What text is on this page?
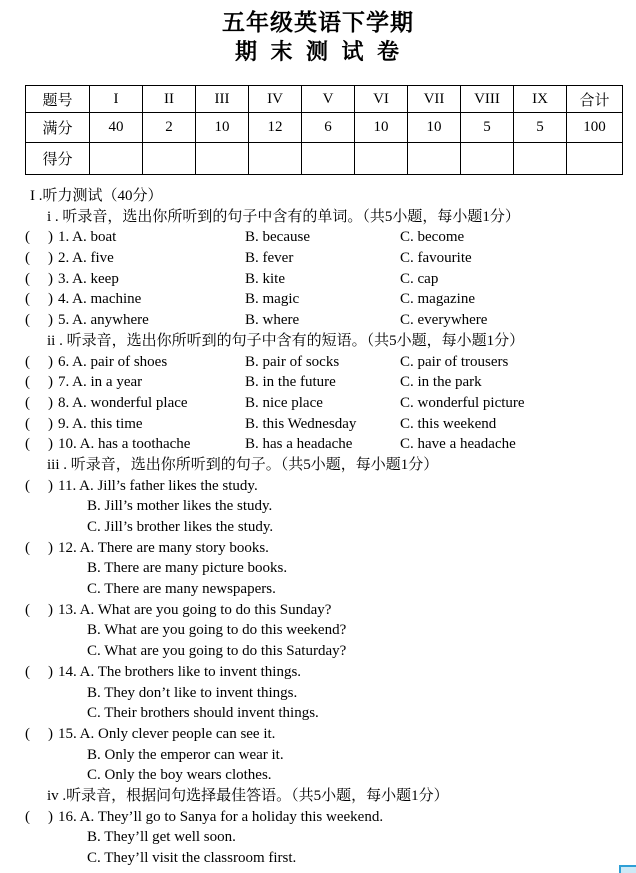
五年级英语下学期
期 末 测 试 卷
题号	I	II	III	IV	V	VI	VII	VIII	IX	合计
满分	40	2	10	12	6	10	10	5	5	100
得分										
I .听力测试（40分）
i . 听录音，选出你所听到的句子中含有的单词。（共5小题，每小题1分）
( ) 1. A. boat	B. because	C. become
( ) 2. A. five	B. fever	C. favourite
( ) 3. A. keep	B. kite	C. cap
( ) 4. A. machine	B. magic	C. magazine
( ) 5. A. anywhere	B. where	C. everywhere
ii . 听录音，选出你所听到的句子中含有的短语。（共5小题，每小题1分）
( ) 6. A. pair of shoes	B. pair of socks	C. pair of trousers
( ) 7. A. in a year	B. in the future	C. in the park
( ) 8. A. wonderful place	B. nice place	C. wonderful picture
( ) 9. A. this time	B. this Wednesday	C. this weekend
( ) 10. A. has a toothache	B. has a headache	C. have a headache
iii . 听录音，选出你所听到的句子。（共5小题，每小题1分）
( ) 11. A. Jill’s father likes the study.
B. Jill’s mother likes the study.
C. Jill’s brother likes the study.
( ) 12. A. There are many story books.
B. There are many picture books.
C. There are many newspapers.
( ) 13. A. What are you going to do this Sunday?
B. What are you going to do this weekend?
C. What are you going to do this Saturday?
( ) 14. A. The brothers like to invent things.
B. They don’t like to invent things.
C. Their brothers should invent things.
( ) 15. A. Only clever people can see it.
B. Only the emperor can wear it.
C. Only the boy wears clothes.
iv .听录音，根据问句选择最佳答语。（共5小题，每小题1分）
( ) 16. A. They’ll go to Sanya for a holiday this weekend.
B. They’ll get well soon.
C. They’ll visit the classroom first.
